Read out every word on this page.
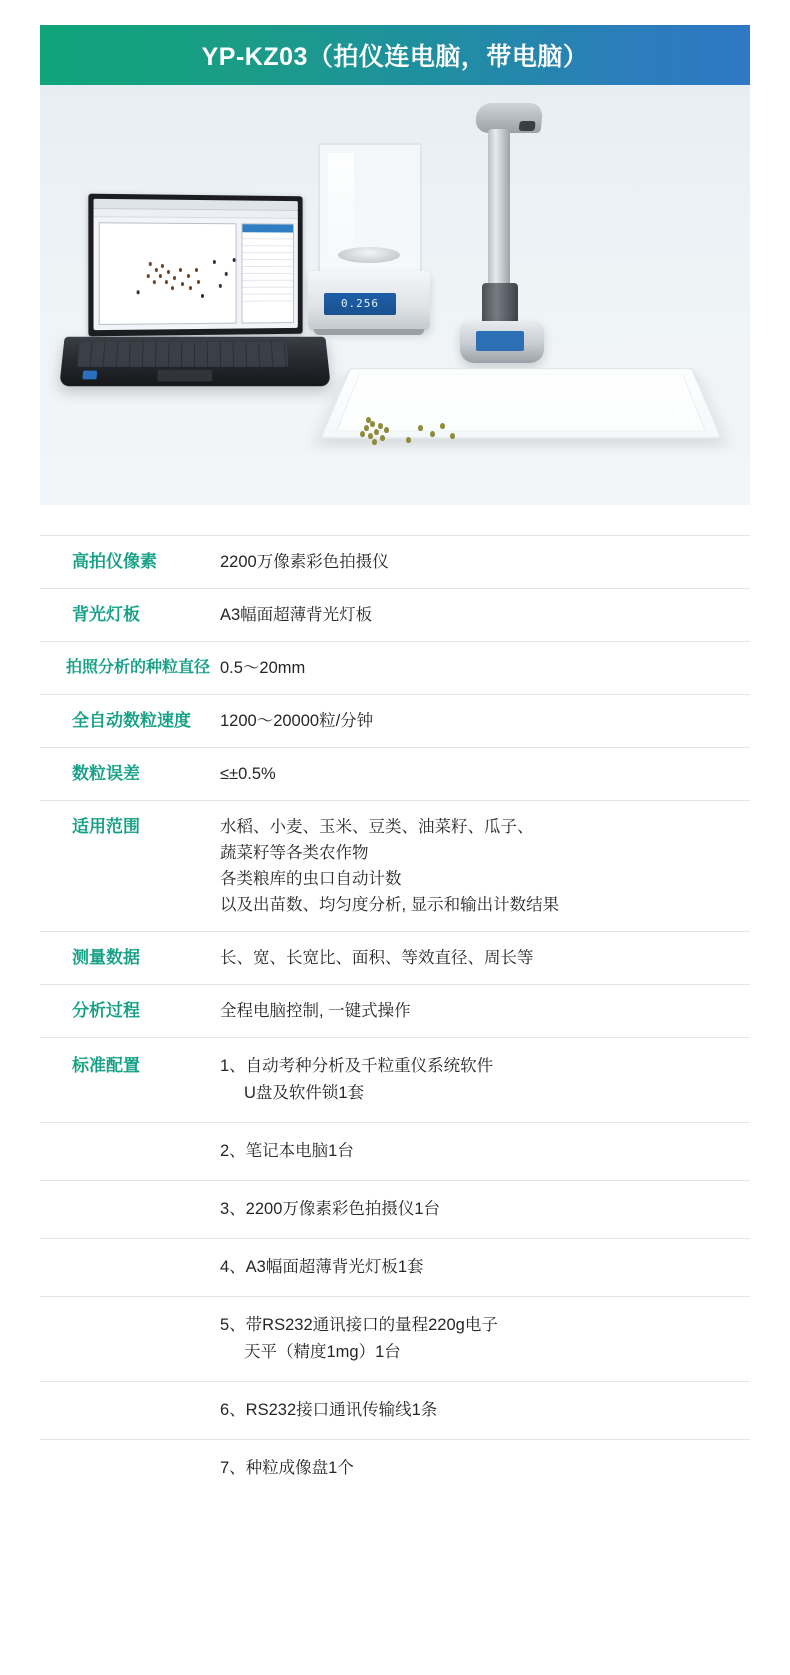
YP-KZ03（拍仪连电脑，带电脑）
0.256
高拍仪像素	2200万像素彩色拍摄仪
背光灯板	A3幅面超薄背光灯板
拍照分析的种粒直径 0.5～20mm
全自动数粒速度	1200～20000粒/分钟
数粒误差	≤±0.5%
适用范围	水稻、小麦、玉米、豆类、油菜籽、瓜子、
蔬菜籽等各类农作物
各类粮库的虫口自动计数
以及出苗数、均匀度分析, 显示和输出计数结果
测量数据	长、宽、长宽比、面积、等效直径、周长等
分析过程	全程电脑控制, 一键式操作
标准配置	1、自动考种分析及千粒重仪系统软件
U盘及软件锁1套
2、笔记本电脑1台
3、2200万像素彩色拍摄仪1台
4、A3幅面超薄背光灯板1套
5、带RS232通讯接口的量程220g电子
天平（精度1mg）1台
6、RS232接口通讯传输线1条
7、种粒成像盘1个
